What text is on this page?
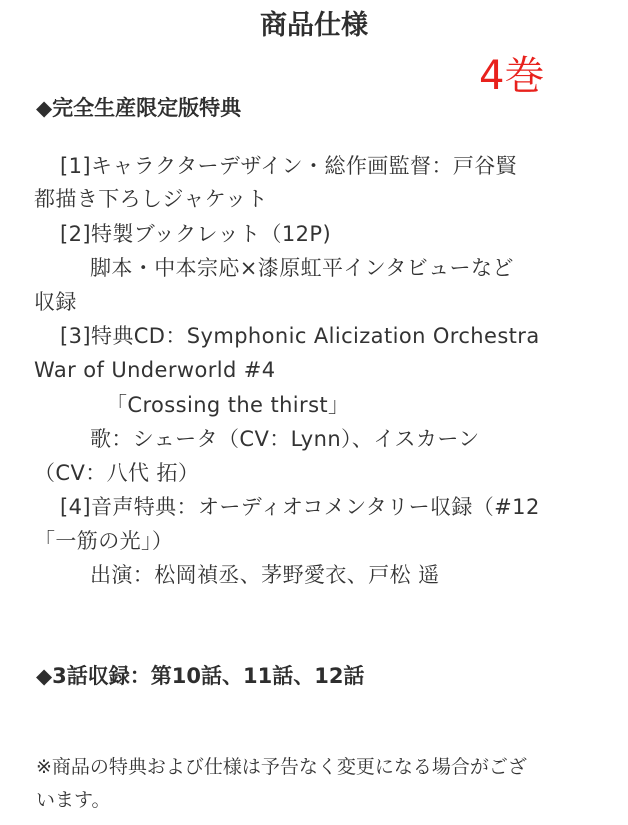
商品仕様
4巻
◆完全生産限定版特典
[1]キャラクターデザイン・総作画監督：戸谷賢
都描き下ろしジャケット
[2]特製ブックレット（12P)
脚本・中本宗応×漆原虹平インタビューなど
収録
[3]特典CD：Symphonic Alicization Orchestra
War of Underworld #4
「Crossing the thirst」
歌：シェータ（CV：Lynn）、イスカーン
（CV：八代 拓）
[4]音声特典：オーディオコメンタリー収録（#12
「一筋の光」）
出演：松岡禎丞、茅野愛衣、戸松 遥
◆3話収録：第10話、11話、12話
※商品の特典および仕様は予告なく変更になる場合がござ
います。
